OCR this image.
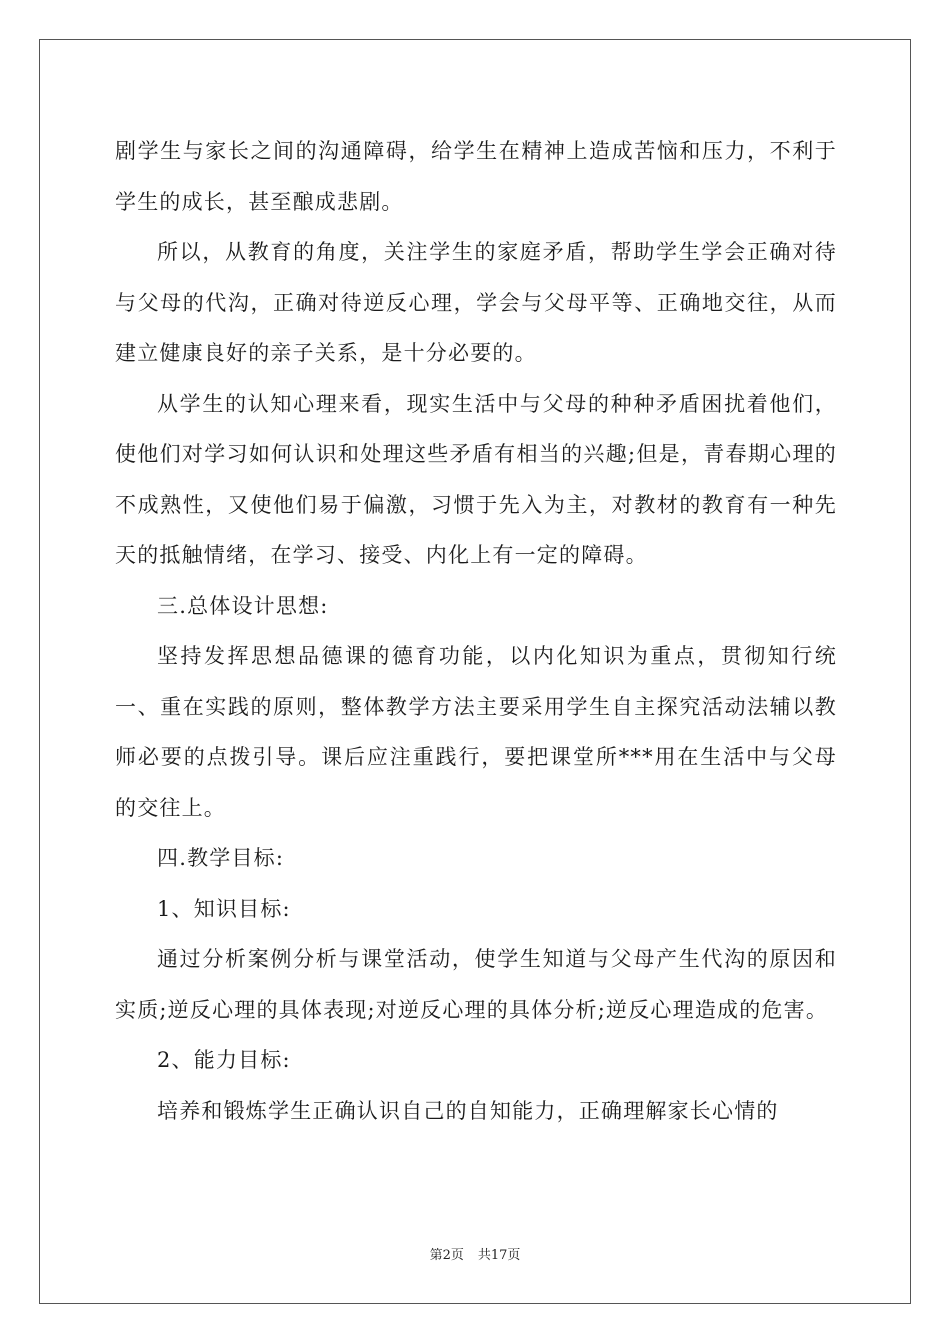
剧学生与家长之间的沟通障碍，给学生在精神上造成苦恼和压力，不利于学生的成长，甚至酿成悲剧。

所以，从教育的角度，关注学生的家庭矛盾，帮助学生学会正确对待与父母的代沟，正确对待逆反心理，学会与父母平等、正确地交往，从而建立健康良好的亲子关系，是十分必要的。

从学生的认知心理来看，现实生活中与父母的种种矛盾困扰着他们，使他们对学习如何认识和处理这些矛盾有相当的兴趣;但是，青春期心理的不成熟性，又使他们易于偏激，习惯于先入为主，对教材的教育有一种先天的抵触情绪，在学习、接受、内化上有一定的障碍。

三.总体设计思想:

坚持发挥思想品德课的德育功能，以内化知识为重点，贯彻知行统一、重在实践的原则，整体教学方法主要采用学生自主探究活动法辅以教师必要的点拨引导。课后应注重践行，要把课堂所***用在生活中与父母的交往上。

四.教学目标:

1、知识目标:

通过分析案例分析与课堂活动，使学生知道与父母产生代沟的原因和实质;逆反心理的具体表现;对逆反心理的具体分析;逆反心理造成的危害。

2、能力目标:

培养和锻炼学生正确认识自己的自知能力，正确理解家长心情的

第2页 共17页
